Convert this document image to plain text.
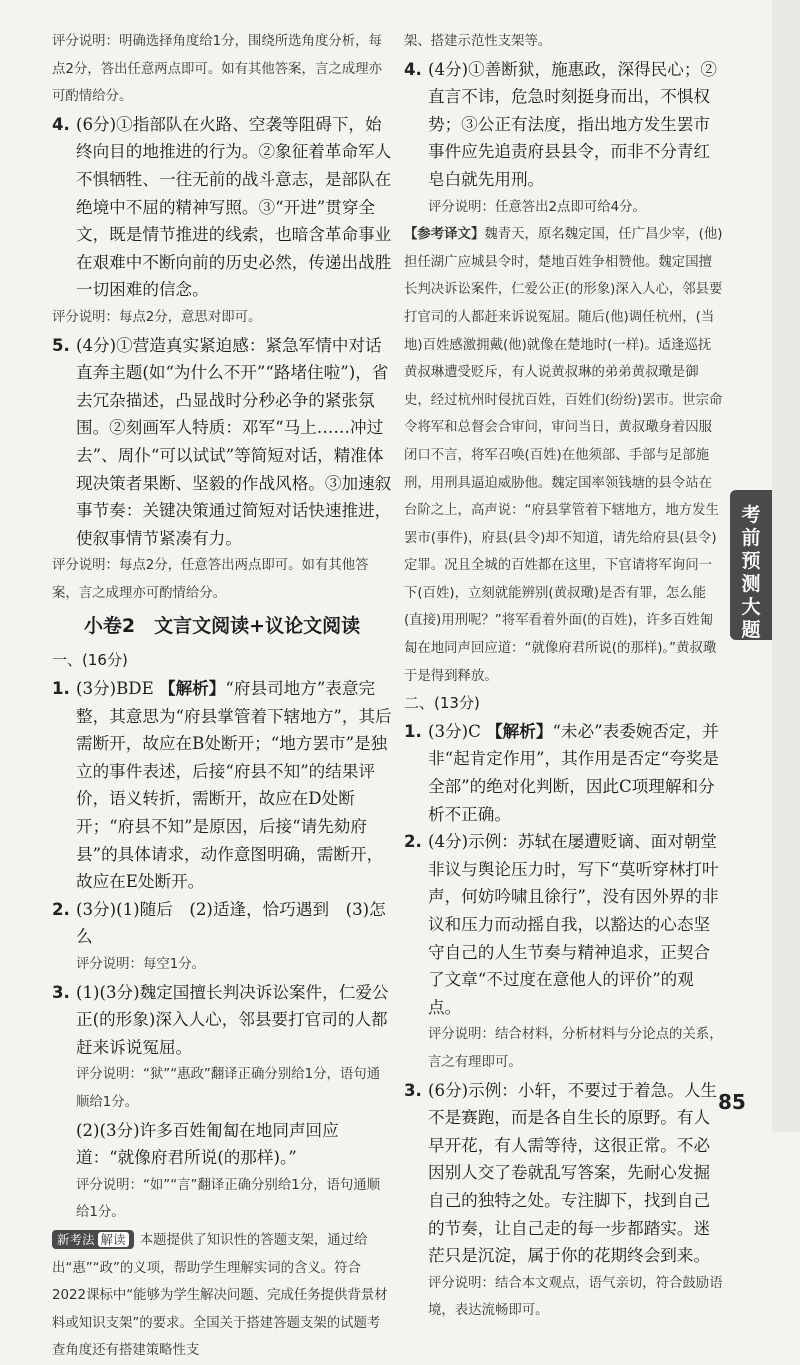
评分说明：明确选择角度给1分，围绕所选角度分析，每点2分，答出任意两点即可。如有其他答案，言之成理亦可酌情给分。

4. (6分)①指部队在火路、空袭等阻碍下，始终向目的地推进的行为。②象征着革命军人不惧牺牲、一往无前的战斗意志，是部队在绝境中不屈的精神写照。③“开进”贯穿全文，既是情节推进的线索，也暗含革命事业在艰难中不断向前的历史必然，传递出战胜一切困难的信念。

评分说明：每点2分，意思对即可。

5. (4分)①营造真实紧迫感：紧急军情中对话直奔主题(如“为什么不开”“路堵住啦”)，省去冗杂描述，凸显战时分秒必争的紧张氛围。②刻画军人特质：邓军“马上……冲过去”、周仆“可以试试”等简短对话，精准体现决策者果断、坚毅的作战风格。③加速叙事节奏：关键决策通过简短对话快速推进，使叙事情节紧凑有力。

评分说明：每点2分，任意答出两点即可。如有其他答案，言之成理亦可酌情给分。

小卷2　文言文阅读+议论文阅读
一、(16分)
1. (3分)BDE 【解析】“府县司地方”表意完整，其意思为“府县掌管着下辖地方”，其后需断开，故应在B处断开；“地方罢市”是独立的事件表述，后接“府县不知”的结果评价，语义转折，需断开，故应在D处断开；“府县不知”是原因，后接“请先劾府县”的具体请求，动作意图明确，需断开，故应在E处断开。

2. (3分)(1)随后　(2)适逢，恰巧遇到　(3)怎么

评分说明：每空1分。

3. (1)(3分)魏定国擅长判决诉讼案件，仁爱公正(的形象)深入人心，邻县要打官司的人都赶来诉说冤屈。

评分说明：“狱”“惠政”翻译正确分别给1分，语句通顺给1分。

(2)(3分)许多百姓匍匐在地同声回应道：“就像府君所说(的那样)。”

评分说明：“如”“言”翻译正确分别给1分，语句通顺给1分。

新考法 解读 本题提供了知识性的答题支架，通过给出“惠”“政”的义项，帮助学生理解实词的含义。符合2022课标中“能够为学生解决问题、完成任务提供背景材料或知识支架”的要求。全国关于搭建答题支架的试题考查角度还有搭建策略性支

架、搭建示范性支架等。

4. (4分)①善断狱，施惠政，深得民心；②直言不讳，危急时刻挺身而出，不惧权势；③公正有法度，指出地方发生罢市事件应先追责府县县令，而非不分青红皂白就先用刑。

评分说明：任意答出2点即可给4分。

【参考译文】魏青天，原名魏定国，任广昌少宰，(他)担任湖广应城县令时，楚地百姓争相赞他。魏定国擅长判决诉讼案件，仁爱公正(的形象)深入人心，邻县要打官司的人都赶来诉说冤屈。随后(他)调任杭州，(当地)百姓感激拥戴(他)就像在楚地时(一样)。适逢巡抚黄叔琳遭受贬斥，有人说黄叔琳的弟弟黄叔璥是御史，经过杭州时侵扰百姓，百姓们(纷纷)罢市。世宗命令将军和总督会合审问，审问当日，黄叔璥身着囚服闭口不言，将军召唤(百姓)在他须部、手部与足部施刑，用刑具逼迫威胁他。魏定国率领钱塘的县令站在台阶之上，高声说：“府县掌管着下辖地方，地方发生罢市(事件)，府县(县令)却不知道，请先给府县(县令)定罪。况且全城的百姓都在这里，下官请将军询问一下(百姓)，立刻就能辨别(黄叔璥)是否有罪，怎么能(直接)用刑呢？”将军看着外面(的百姓)，许多百姓匍匐在地同声回应道：“就像府君所说(的那样)。”黄叔璥于是得到释放。

二、(13分)
1. (3分)C 【解析】“未必”表委婉否定，并非“起肯定作用”，其作用是否定“夸奖是全部”的绝对化判断，因此C项理解和分析不正确。

2. (4分)示例：苏轼在屡遭贬谪、面对朝堂非议与舆论压力时，写下“莫听穿林打叶声，何妨吟啸且徐行”，没有因外界的非议和压力而动摇自我，以豁达的心态坚守自己的人生节奏与精神追求，正契合了文章“不过度在意他人的评价”的观点。

评分说明：结合材料，分析材料与分论点的关系，言之有理即可。

3. (6分)示例：小轩，不要过于着急。人生不是赛跑，而是各自生长的原野。有人早开花，有人需等待，这很正常。不必因别人交了卷就乱写答案，先耐心发掘自己的独特之处。专注脚下，找到自己的节奏，让自己走的每一步都踏实。迷茫只是沉淀，属于你的花期终会到来。

评分说明：结合本文观点，语气亲切，符合鼓励语境，表达流畅即可。

考
前
预
测
大
题
85
